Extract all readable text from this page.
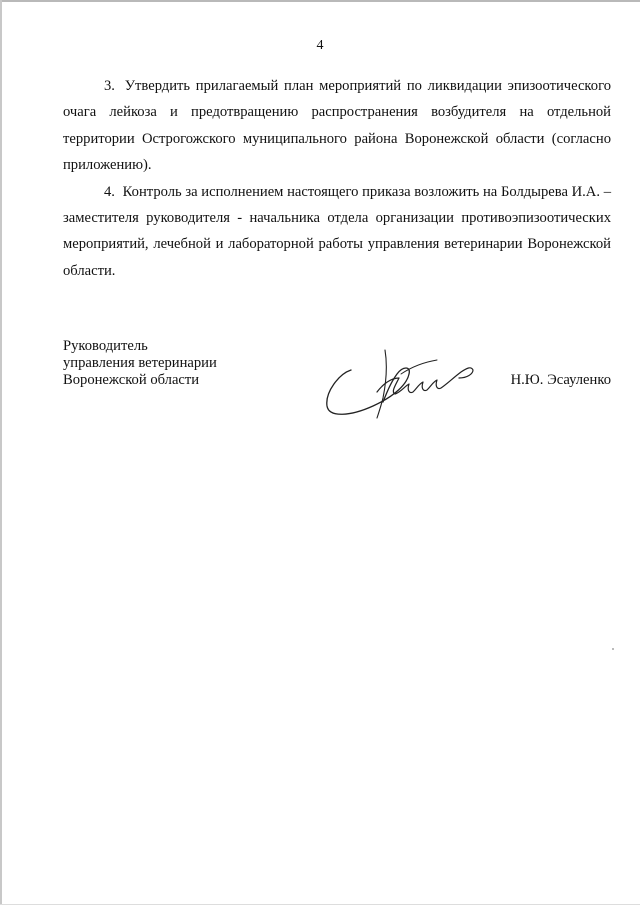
4

3. Утвердить прилагаемый план мероприятий по ликвидации эпизоотического очага лейкоза и предотвращению распространения возбудителя на отдельной территории Острогожского муниципального района Воронежской области (согласно приложению).

4. Контроль за исполнением настоящего приказа возложить на Болдырева И.А. – заместителя руководителя - начальника отдела организации противоэпизоотических мероприятий, лечебной и лабораторной работы управления ветеринарии Воронежской области.

Руководитель
управления ветеринарии
Воронежской области	Н.Ю. Эсауленко
